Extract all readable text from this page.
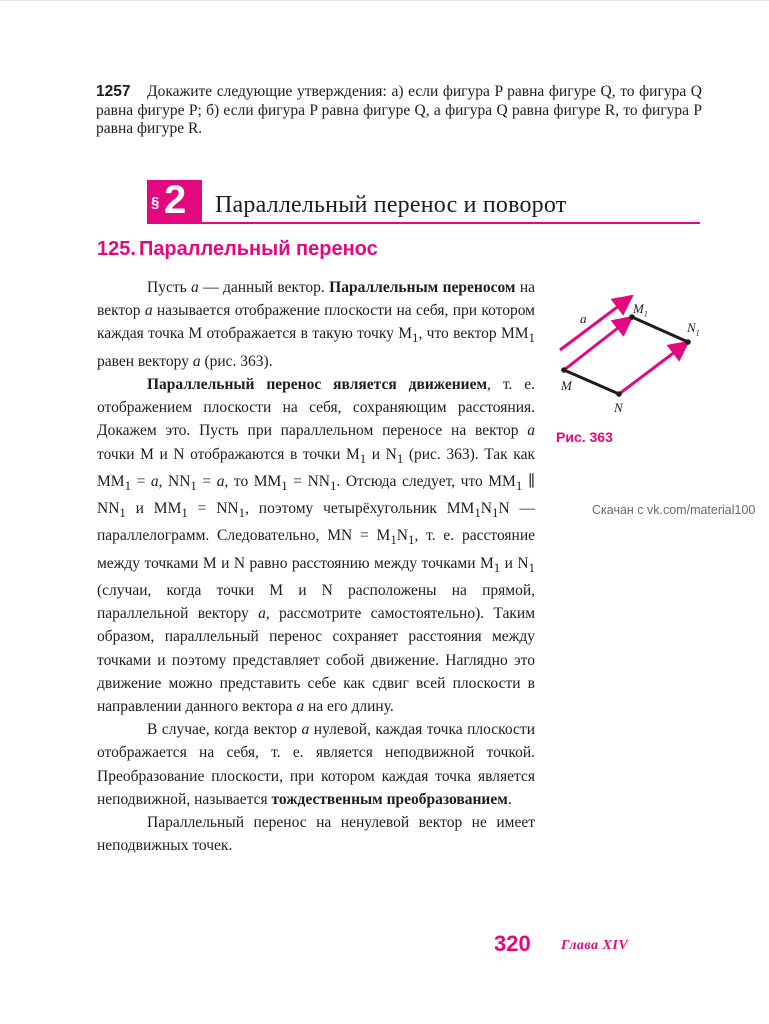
1257	Докажите следующие утверждения: а) если фигура P равна фигуре Q, то фигура Q равна фигуре P; б) если фигура P равна фигуре Q, а фигура Q равна фигуре R, то фигура P равна фигуре R.
§ 2 Параллельный перенос и поворот
125. Параллельный перенос

Пусть a — данный вектор. Параллельным переносом на вектор a называется отображение плоскости на себя, при котором каждая точка M отображается в такую точку $M_1$, что вектор $MM_1$ равен вектору a (рис. 363).

Параллельный перенос является движением, т. е. отображением плоскости на себя, сохраняющим расстояния. Докажем это. Пусть при параллельном переносе на вектор a точки M и N отображаются в точки $M_1$ и $N_1$ (рис. 363). Так как $MM_1 = a$, $NN_1 = a$, то $MM_1 = NN_1$. Отсюда следует, что $MM_1$ ∥ $NN_1$ и $MM_1 = NN_1$, поэтому четырёхугольник $MM_1N_1N$ — параллелограмм. Следовательно, MN = $M_1N_1$, т. е. расстояние между точками M и N равно расстоянию между точками $M_1$ и $N_1$ (случаи, когда точки M и N расположены на прямой, параллельной вектору a, рассмотрите самостоятельно). Таким образом, параллельный перенос сохраняет расстояния между точками и поэтому представляет собой движение. Наглядно это движение можно представить себе как сдвиг всей плоскости в направлении данного вектора a на его длину.

В случае, когда вектор a нулевой, каждая точка плоскости отображается на себя, т. е. является неподвижной точкой. Преобразование плоскости, при котором каждая точка является неподвижной, называется тождественным преобразованием.

Параллельный перенос на ненулевой вектор не имеет неподвижных точек.

a
$M_1$
$N_1$
M
N
Рис. 363
Скачан с vk.com/material100
320 Глава XIV
